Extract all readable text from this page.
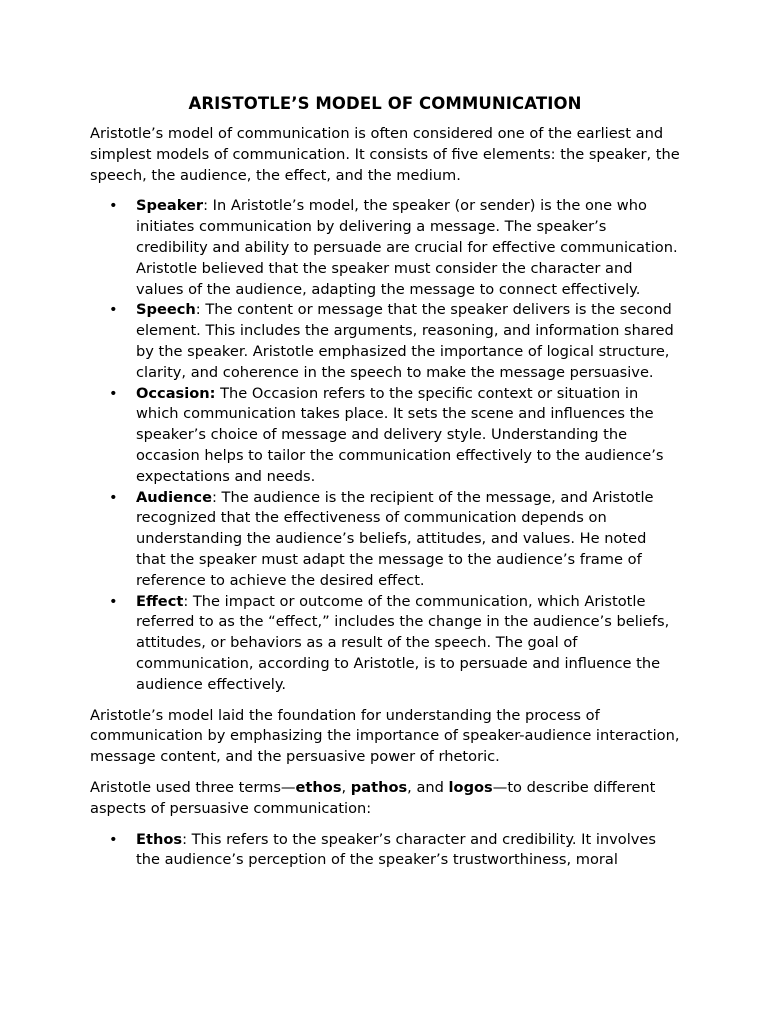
ARISTOTLE’S MODEL OF COMMUNICATION

Aristotle’s model of communication is often considered one of the earliest and simplest models of communication. It consists of five elements: the speaker, the speech, the audience, the effect, and the medium.

• Speaker: In Aristotle’s model, the speaker (or sender) is the one who initiates communication by delivering a message. The speaker’s credibility and ability to persuade are crucial for effective communication. Aristotle believed that the speaker must consider the character and values of the audience, adapting the message to connect effectively.
• Speech: The content or message that the speaker delivers is the second element. This includes the arguments, reasoning, and information shared by the speaker. Aristotle emphasized the importance of logical structure, clarity, and coherence in the speech to make the message persuasive.
• Occasion: The Occasion refers to the specific context or situation in which communication takes place. It sets the scene and influences the speaker’s choice of message and delivery style. Understanding the occasion helps to tailor the communication effectively to the audience’s expectations and needs.
• Audience: The audience is the recipient of the message, and Aristotle recognized that the effectiveness of communication depends on understanding the audience’s beliefs, attitudes, and values. He noted that the speaker must adapt the message to the audience’s frame of reference to achieve the desired effect.
• Effect: The impact or outcome of the communication, which Aristotle referred to as the “effect,” includes the change in the audience’s beliefs, attitudes, or behaviors as a result of the speech. The goal of communication, according to Aristotle, is to persuade and influence the audience effectively.

Aristotle’s model laid the foundation for understanding the process of communication by emphasizing the importance of speaker-audience interaction, message content, and the persuasive power of rhetoric.

Aristotle used three terms—ethos, pathos, and logos—to describe different aspects of persuasive communication:

• Ethos: This refers to the speaker’s character and credibility. It involves the audience’s perception of the speaker’s trustworthiness, moral
